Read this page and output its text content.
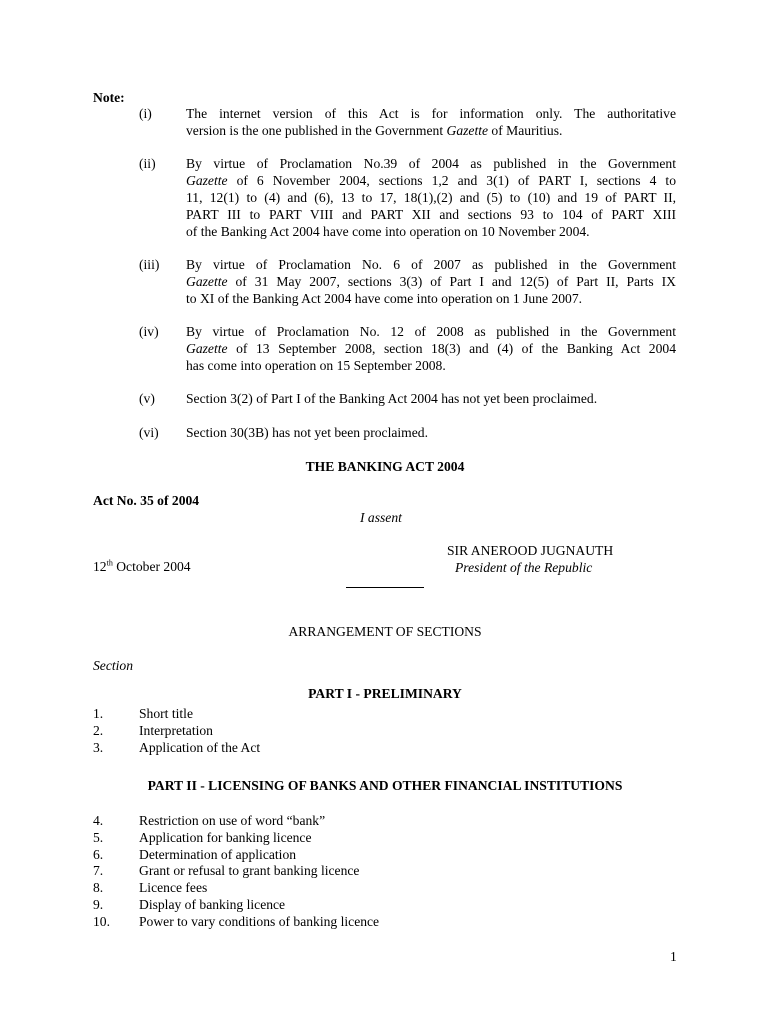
Note:
(i)	The internet version of this Act is for information only. The authoritative
version is the one published in the Government Gazette of Mauritius.
(ii) By virtue of Proclamation No.39 of 2004 as published in the Government
Gazette of 6 November 2004, sections 1,2 and 3(1) of PART I, sections 4 to
11, 12(1) to (4) and (6), 13 to 17, 18(1),(2) and (5) to (10) and 19 of PART II,
PART III to PART VIII and PART XII and sections 93 to 104 of PART XIII
of the Banking Act 2004 have come into operation on 10 November 2004.
(iii) By virtue of Proclamation No. 6 of 2007 as published in the Government
Gazette of 31 May 2007, sections 3(3) of Part I and 12(5) of Part II, Parts IX
to XI of the Banking Act 2004 have come into operation on 1 June 2007.
(iv) By virtue of Proclamation No. 12 of 2008 as published in the Government
Gazette of 13 September 2008, section 18(3) and (4) of the Banking Act 2004
has come into operation on 15 September 2008.
(v) Section 3(2) of Part I of the Banking Act 2004 has not yet been proclaimed.
(vi) Section 30(3B) has not yet been proclaimed.
THE BANKING ACT 2004
Act No. 35 of 2004
I assent
SIR ANEROOD JUGNAUTH
12th October 2004	President of the Republic
ARRANGEMENT OF SECTIONS
Section
PART I - PRELIMINARY
1.	Short title
2.	Interpretation
3.	Application of the Act
PART II - LICENSING OF BANKS AND OTHER FINANCIAL INSTITUTIONS
4.	Restriction on use of word “bank”
5.	Application for banking licence
6.	Determination of application
7.	Grant or refusal to grant banking licence
8.	Licence fees
9.	Display of banking licence
10. Power to vary conditions of banking licence
1
